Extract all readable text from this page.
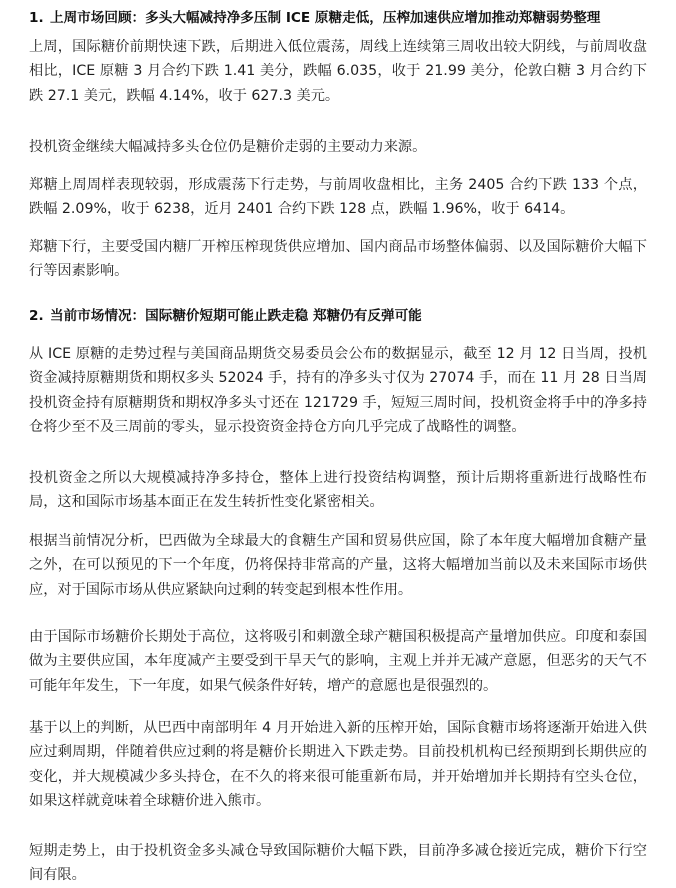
1. 上周市场回顾：多头大幅减持净多压制 ICE 原糖走低，压榨加速供应增加推动郑糖弱势整理

上周，国际糖价前期快速下跌，后期进入低位震荡，周线上连续第三周收出较大阴线，与前周收盘相比，ICE 原糖 3 月合约下跌 1.41 美分，跌幅 6.035，收于 21.99 美分，伦敦白糖 3 月合约下跌 27.1 美元，跌幅 4.14%，收于 627.3 美元。

投机资金继续大幅减持多头仓位仍是糖价走弱的主要动力来源。

郑糖上周周样表现较弱，形成震荡下行走势，与前周收盘相比，主务 2405 合约下跌 133 个点，跌幅 2.09%，收于 6238，近月 2401 合约下跌 128 点，跌幅 1.96%，收于 6414。

郑糖下行，主要受国内糖厂开榨压榨现货供应增加、国内商品市场整体偏弱、以及国际糖价大幅下行等因素影响。

2. 当前市场情况：国际糖价短期可能止跌走稳 郑糖仍有反弹可能

从 ICE 原糖的走势过程与美国商品期货交易委员会公布的数据显示，截至 12 月 12 日当周，投机资金减持原糖期货和期权多头 52024 手，持有的净多头寸仅为 27074 手，而在 11 月 28 日当周投机资金持有原糖期货和期权净多头寸还在 121729 手，短短三周时间，投机资金将手中的净多持仓将少至不及三周前的零头，显示投资资金持仓方向几乎完成了战略性的调整。

投机资金之所以大规模减持净多持仓，整体上进行投资结构调整，预计后期将重新进行战略性布局，这和国际市场基本面正在发生转折性变化紧密相关。

根据当前情况分析，巴西做为全球最大的食糖生产国和贸易供应国，除了本年度大幅增加食糖产量之外，在可以预见的下一个年度，仍将保持非常高的产量，这将大幅增加当前以及未来国际市场供应，对于国际市场从供应紧缺向过剩的转变起到根本性作用。

由于国际市场糖价长期处于高位，这将吸引和刺激全球产糖国积极提高产量增加供应。印度和泰国做为主要供应国，本年度减产主要受到干旱天气的影响，主观上并并无减产意愿，但恶劣的天气不可能年年发生，下一年度，如果气候条件好转，增产的意愿也是很强烈的。

基于以上的判断，从巴西中南部明年 4 月开始进入新的压榨开始，国际食糖市场将逐渐开始进入供应过剩周期，伴随着供应过剩的将是糖价长期进入下跌走势。目前投机机构已经预期到长期供应的变化，并大规模减少多头持仓，在不久的将来很可能重新布局，并开始增加并长期持有空头仓位，如果这样就竟味着全球糖价进入熊市。

短期走势上，由于投机资金多头减仓导致国际糖价大幅下跌，目前净多减仓接近完成，糖价下行空间有限。
